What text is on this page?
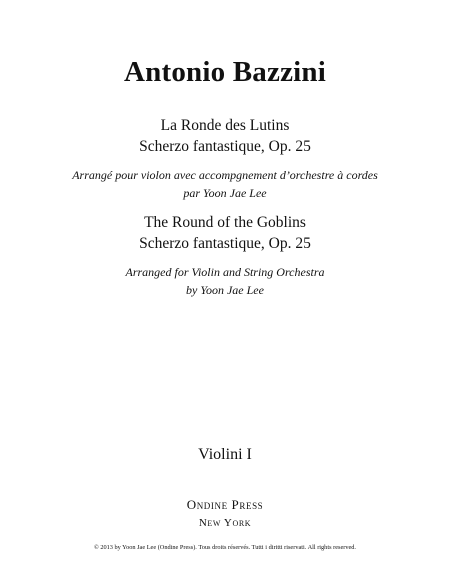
Antonio Bazzini
La Ronde des Lutins
Scherzo fantastique, Op. 25
Arrangé pour violon avec accompgnement d’orchestre à cordes
par Yoon Jae Lee
The Round of the Goblins
Scherzo fantastique, Op. 25
Arranged for Violin and String Orchestra
by Yoon Jae Lee
Violini I
Ondine Press
New York
© 2013 by Yoon Jae Lee (Ondine Press). Tous droits réservés. Tutti i diritti riservati. All rights reserved.
